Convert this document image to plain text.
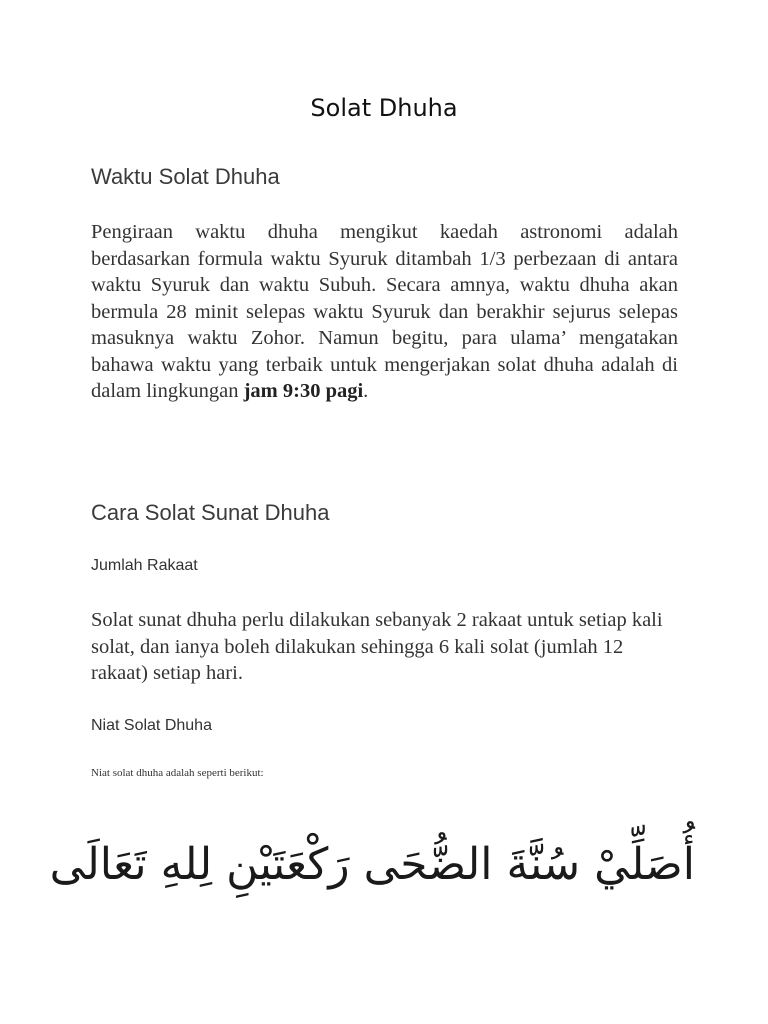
Solat Dhuha
Waktu Solat Dhuha

Pengiraan waktu dhuha mengikut kaedah astronomi adalah berdasarkan formula waktu Syuruk ditambah 1/3 perbezaan di antara waktu Syuruk dan waktu Subuh. Secara amnya, waktu dhuha akan bermula 28 minit selepas waktu Syuruk dan berakhir sejurus selepas masuknya waktu Zohor. Namun begitu, para ulama’ mengatakan bahawa waktu yang terbaik untuk mengerjakan solat dhuha adalah di dalam lingkungan jam 9:30 pagi.

Cara Solat Sunat Dhuha
Jumlah Rakaat

Solat sunat dhuha perlu dilakukan sebanyak 2 rakaat untuk setiap kali solat, dan ianya boleh dilakukan sehingga 6 kali solat (jumlah 12 rakaat) setiap hari.

Niat Solat Dhuha

Niat solat dhuha adalah seperti berikut:

أُصَلِّيْ سُنَّةَ الضُّحَى رَكْعَتَيْنِ لِلهِ تَعَالَى
